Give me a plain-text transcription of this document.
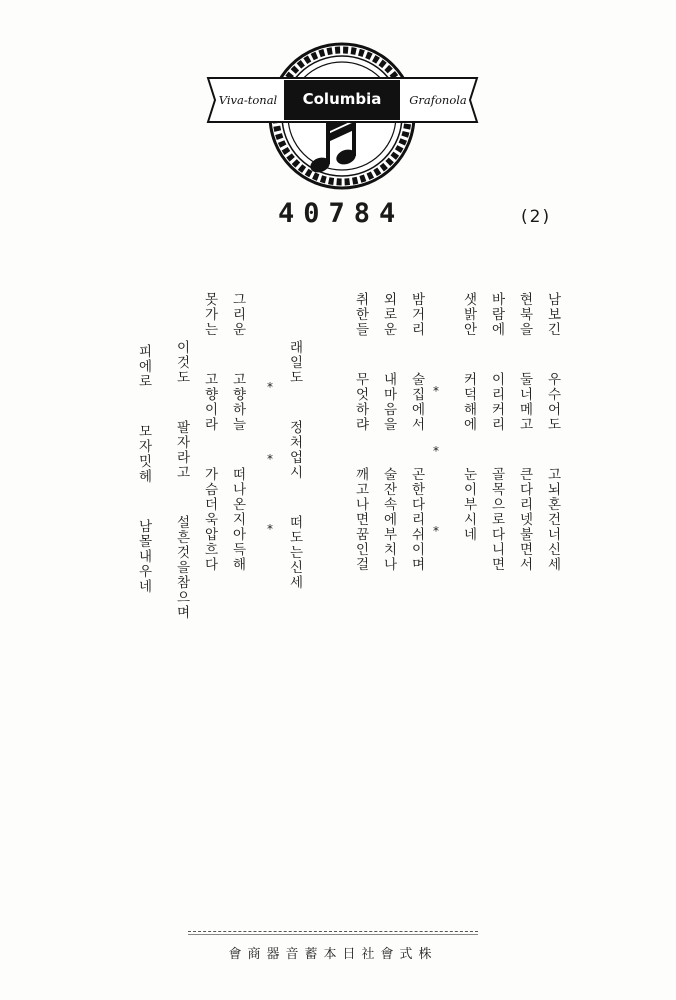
Columbia
Viva-tonal	Grafonola
40784	(2)
남보긴  우수어도  고뇌혼건너신세
현북을  둘너메고  큰다리넷불면서
바람에  이리커리  골목으로다니면
샛밝안  커덕해에  눈이부시네
밤거리  술집에서  곤한다리쉬이며
외로운  내마음을  술잔속에부치나
취한들  무엇하랴  깨고나면꿈인걸
래일도  정처업시  떠도는신세
그리운  고향하늘  떠나온지아득해
못가는  고향이라  가슴더욱압흐다
이것도  팔자라고  설흔것을참으며
피에로  모자밋헤  남몰내우네	*
*
*
*
*
*
會商器音蓄本日社會式株
